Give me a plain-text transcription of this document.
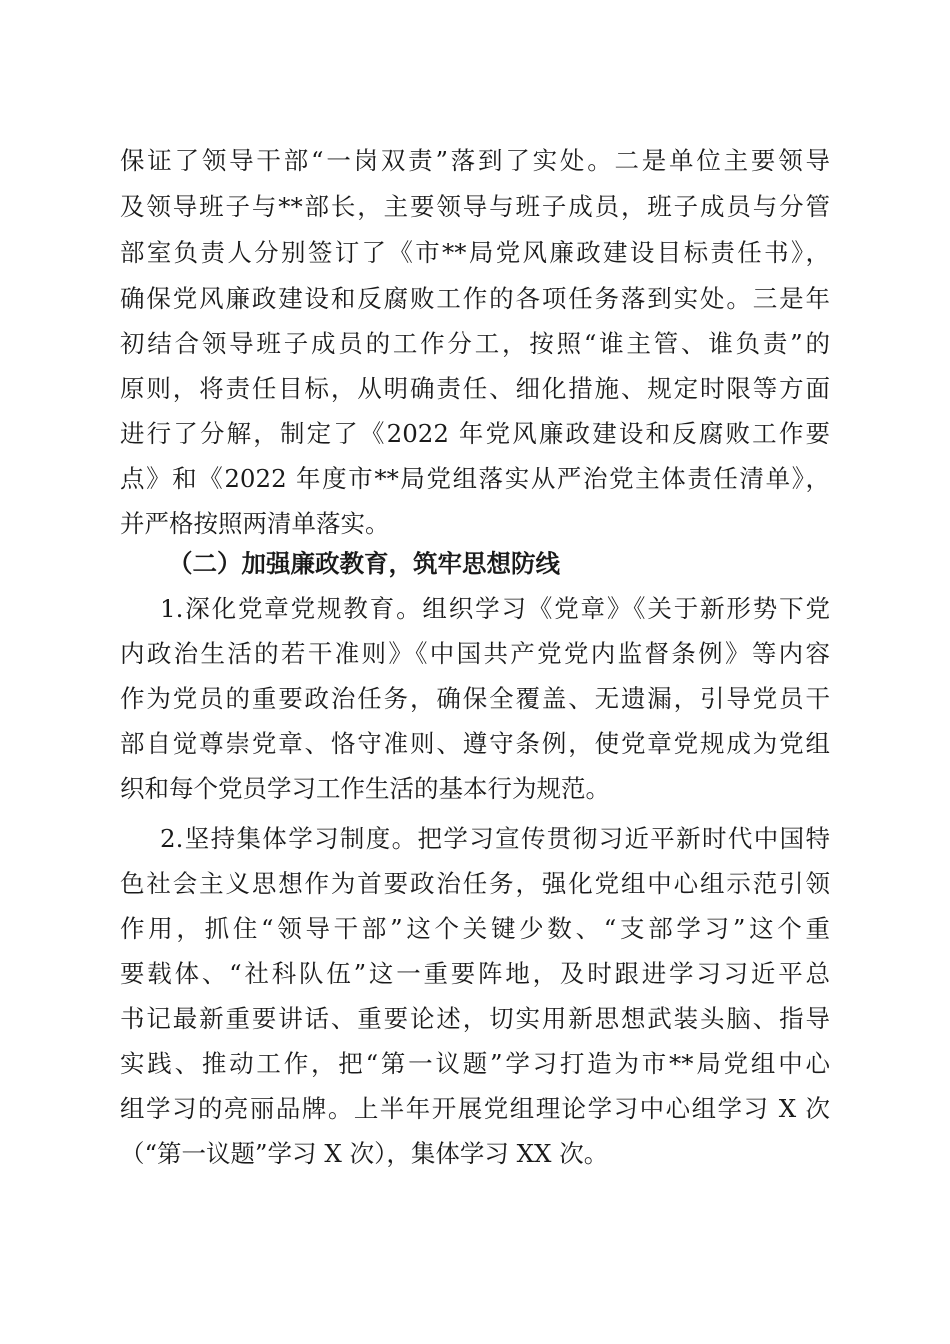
保证了领导干部“一岗双责”落到了实处。二是单位主要领导
及领导班子与**部长，主要领导与班子成员，班子成员与分管
部室负责人分别签订了《市**局党风廉政建设目标责任书》，
确保党风廉政建设和反腐败工作的各项任务落到实处。三是年
初结合领导班子成员的工作分工，按照“谁主管、谁负责”的
原则，将责任目标，从明确责任、细化措施、规定时限等方面
进行了分解，制定了《2022 年党风廉政建设和反腐败工作要
点》和《2022 年度市**局党组落实从严治党主体责任清单》，
并严格按照两清单落实。
（二）加强廉政教育，筑牢思想防线
1.深化党章党规教育。组织学习《党章》《关于新形势下党
内政治生活的若干准则》《中国共产党党内监督条例》等内容
作为党员的重要政治任务，确保全覆盖、无遗漏，引导党员干
部自觉尊崇党章、恪守准则、遵守条例，使党章党规成为党组
织和每个党员学习工作生活的基本行为规范。
2.坚持集体学习制度。把学习宣传贯彻习近平新时代中国特
色社会主义思想作为首要政治任务，强化党组中心组示范引领
作用，抓住“领导干部”这个关键少数、“支部学习”这个重
要载体、“社科队伍”这一重要阵地，及时跟进学习习近平总
书记最新重要讲话、重要论述，切实用新思想武装头脑、指导
实践、推动工作，把“第一议题”学习打造为市**局党组中心
组学习的亮丽品牌。上半年开展党组理论学习中心组学习 X 次
（“第一议题”学习 X 次），集体学习 XX 次。
